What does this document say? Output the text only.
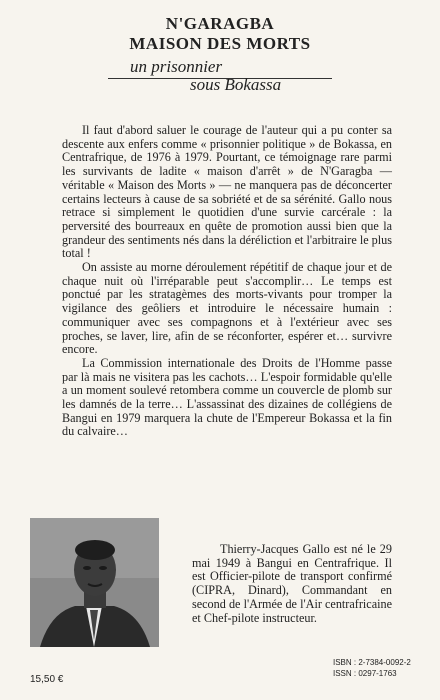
N'GARAGBA
MAISON DES MORTS
un prisonnier
sous Bokassa

Il faut d'abord saluer le courage de l'auteur qui a pu conter sa descente aux enfers comme « prisonnier politique » de Bokassa, en Centrafrique, de 1976 à 1979. Pourtant, ce témoignage rare parmi les survivants de ladite « maison d'arrêt » de N'Garagba — véritable « Maison des Morts » — ne manquera pas de déconcerter certains lecteurs à cause de sa sobriété et de sa sérénité. Gallo nous retrace si simplement le quotidien d'une survie carcérale : la perversité des bourreaux en quête de promotion aussi bien que la grandeur des sentiments nés dans la déréliction et l'arbitraire le plus total !

On assiste au morne déroulement répétitif de chaque jour et de chaque nuit où l'irréparable peut s'accomplir… Le temps est ponctué par les stratagèmes des morts-vivants pour tromper la vigilance des geôliers et introduire le nécessaire humain : communiquer avec ses compagnons et à l'extérieur avec ses proches, se laver, lire, afin de se réconforter, espérer et… survivre encore.

La Commission internationale des Droits de l'Homme passe par là mais ne visitera pas les cachots… L'espoir formidable qu'elle a un moment soulevé retombera comme un couvercle de plomb sur les damnés de la terre… L'assassinat des dizaines de collégiens de Bangui en 1979 marquera la chute de l'Empereur Bokassa et la fin du calvaire…

Thierry-Jacques Gallo est né le 29 mai 1949 à Bangui en Centrafrique. Il est Officier-pilote de transport confirmé (CIPRA, Dinard), Commandant en second de l'Armée de l'Air centrafricaine et Chef-pilote instructeur.

15,50 €
ISBN : 2-7384-0092-2
ISSN : 0297-1763
